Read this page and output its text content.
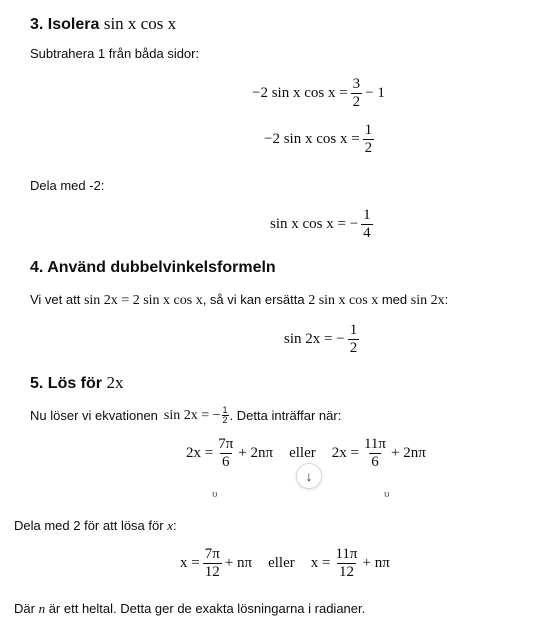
3. Isolera sin x cos x
Subtrahera 1 från båda sidor:
−2 sin x $\cos x = \frac{3}{2} - 1$
−2 sin x $\cos x = \frac{1}{2}$
Dela med -2:
sin x cos x = − $\frac{1}{4}$
4. Använd dubbelvinkelsformeln
Vi vet att sin 2x = 2 sin x cos x, så vi kan ersätta 2 sin x cos x med sin 2x:
sin 2x = − $\frac{1}{2}$
5. Lös för 2x
Nu löser vi ekvationen sin 2x = − $\frac{1}{2}$ . Detta inträffar när:
$2x = \frac{7\pi}{6} + 2n\pi$ eller $2x = \frac{11\pi}{6} + 2n\pi$
↓
υ	υ
Dela med 2 för att lösa för x:
$x = \frac{7\pi}{12} + n\pi$ eller $x = \frac{11\pi}{12} + n\pi$
Där n är ett heltal. Detta ger de exakta lösningarna i radianer.
